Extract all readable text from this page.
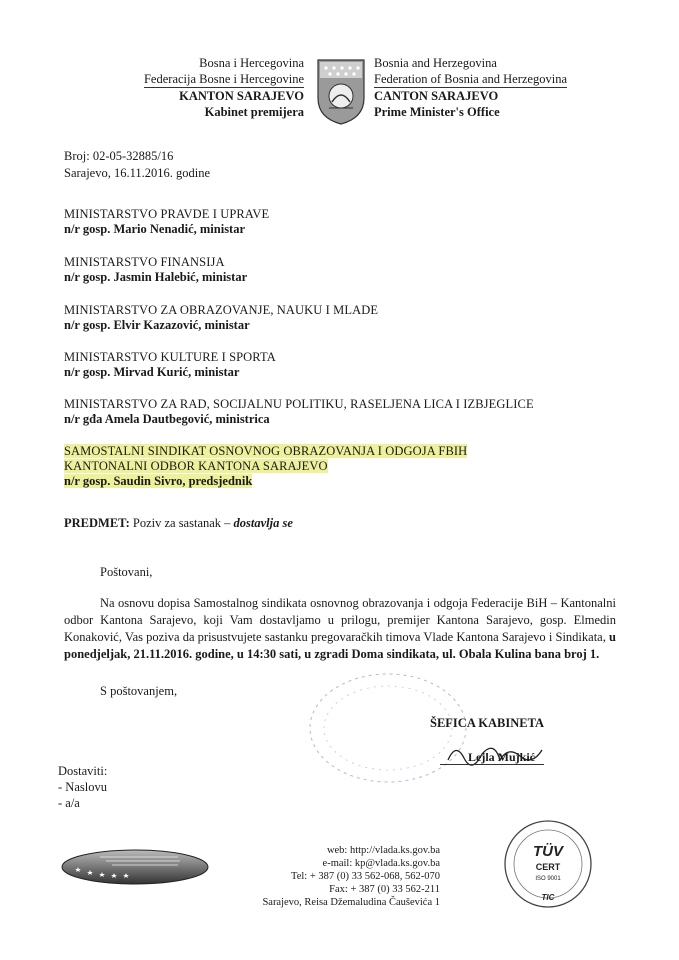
Bosna i Hercegovina
Federacija Bosne i Hercegovine
KANTON SARAJEVO
Kabinet premijera
Bosnia and Herzegovina
Federation of Bosnia and Herzegovina
CANTON SARAJEVO
Prime Minister's Office
Broj: 02-05-32885/16
Sarajevo, 16.11.2016. godine
MINISTARSTVO PRAVDE I UPRAVE
n/r gosp. Mario Nenadić, ministar
MINISTARSTVO FINANSIJA
n/r gosp. Jasmin Halebić, ministar
MINISTARSTVO ZA OBRAZOVANJE, NAUKU I MLADE
n/r gosp. Elvir Kazazović, ministar
MINISTARSTVO KULTURE I SPORTA
n/r gosp. Mirvad Kurić, ministar
MINISTARSTVO ZA RAD, SOCIJALNU POLITIKU, RASELJENA LICA I IZBJEGLICE
n/r gđa Amela Dautbegović, ministrica
SAMOSTALNI SINDIKAT OSNOVNOG OBRAZOVANJA I ODGOJA FBIH
KANTONALNI ODBOR KANTONA SARAJEVO
n/r gosp. Saudin Sivro, predsjednik
PREDMET: Poziv za sastanak – dostavlja se
Poštovani,
Na osnovu dopisa Samostalnog sindikata osnovnog obrazovanja i odgoja Federacije BiH – Kantonalni odbor Kantona Sarajevo, koji Vam dostavljamo u prilogu, premijer Kantona Sarajevo, gosp. Elmedin Konaković, Vas poziva da prisustvujete sastanku pregovaračkih timova Vlade Kantona Sarajevo i Sindikata, u ponedjeljak, 21.11.2016. godine, u 14:30 sati, u zgradi Doma sindikata, ul. Obala Kulina bana broj 1.
S poštovanjem,
ŠEFICA KABINETA
Lejla Mujkić
Dostaviti:
- Naslovu
- a/a
web: http://vlada.ks.gov.ba
e-mail: kp@vlada.ks.gov.ba
Tel: + 387 (0) 33 562-068, 562-070
Fax: + 387 (0) 33 562-211
Sarajevo, Reisa Džemaludina Čauševića 1
TÜV
CERT
ISO 9001
TIC
